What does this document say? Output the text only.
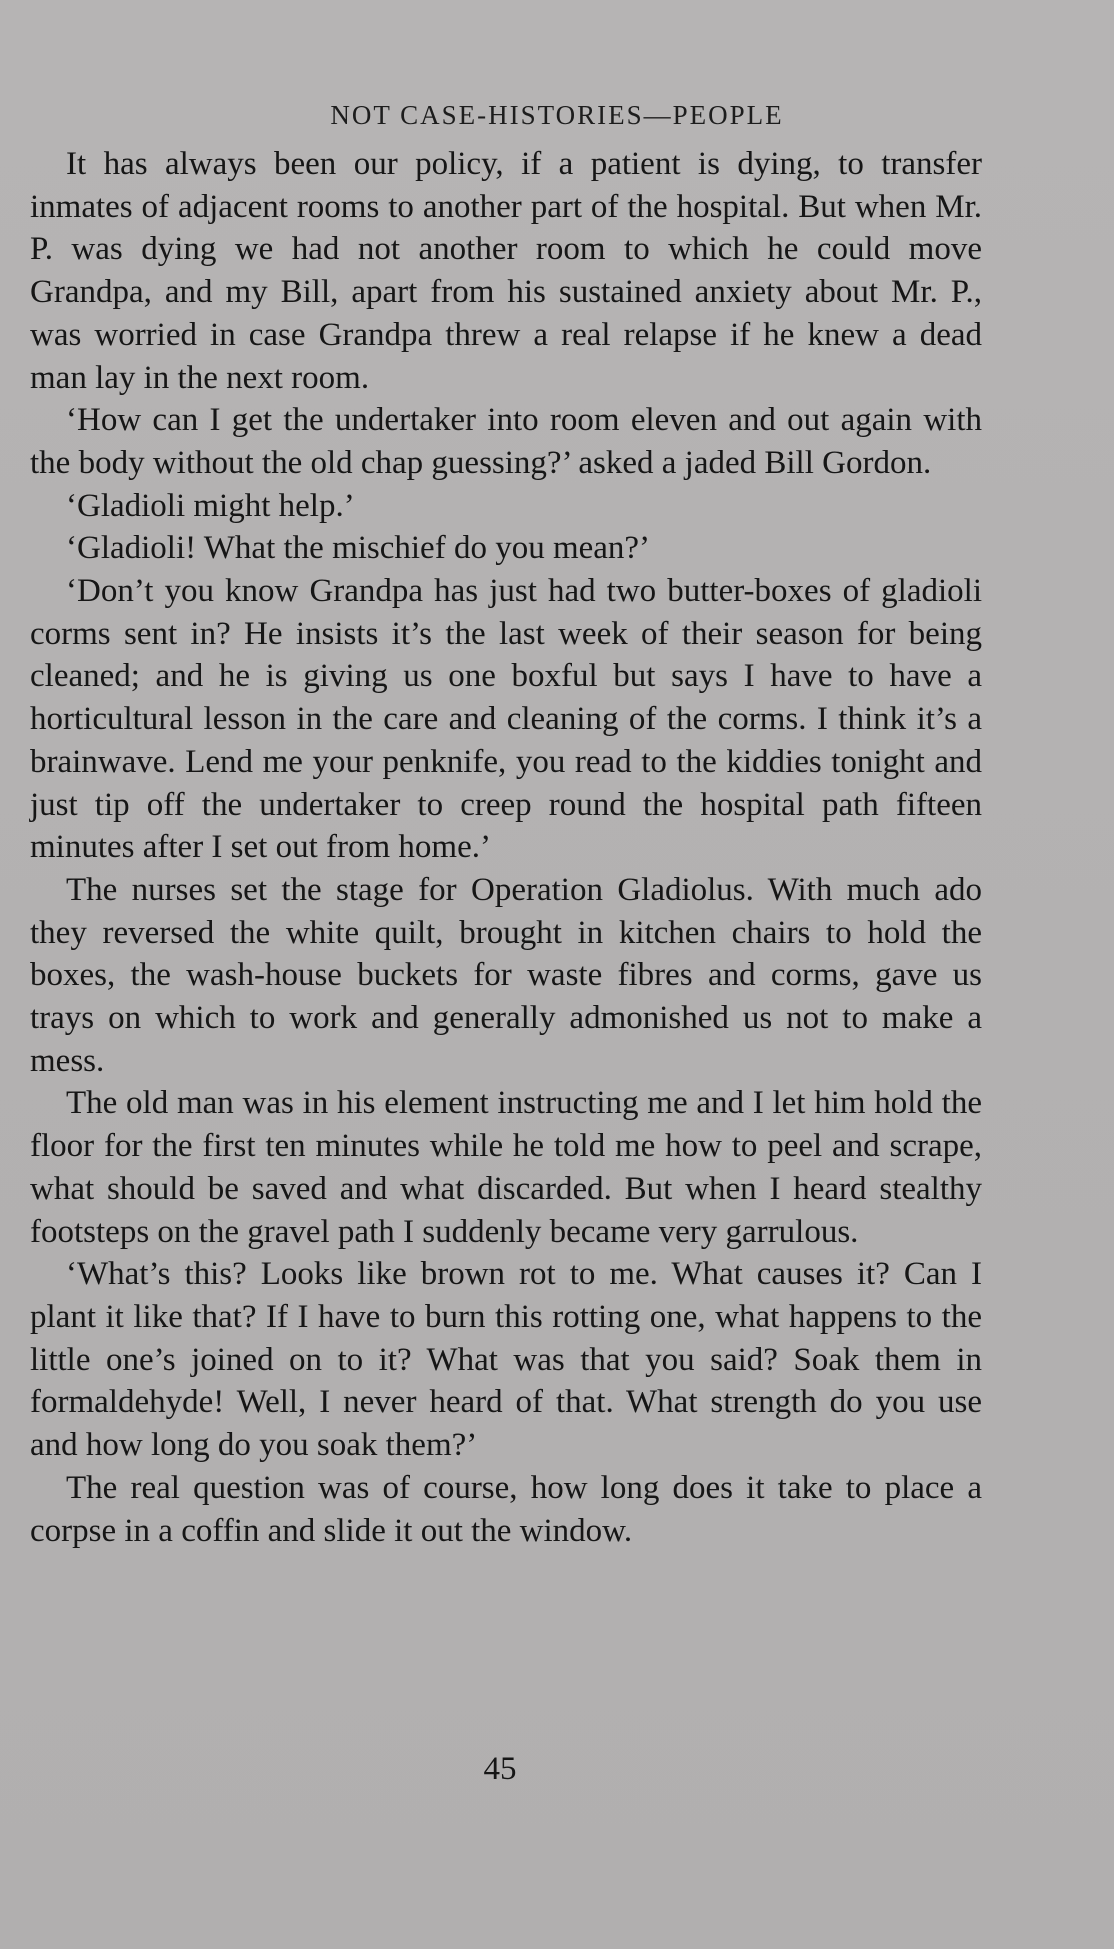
NOT CASE-HISTORIES—PEOPLE

It has always been our policy, if a patient is dying, to transfer inmates of adjacent rooms to another part of the hospital. But when Mr. P. was dying we had not another room to which he could move Grandpa, and my Bill, apart from his sustained anxiety about Mr. P., was worried in case Grandpa threw a real relapse if he knew a dead man lay in the next room.

‘How can I get the undertaker into room eleven and out again with the body without the old chap guessing?’ asked a jaded Bill Gordon.

‘Gladioli might help.’

‘Gladioli! What the mischief do you mean?’

‘Don’t you know Grandpa has just had two butter-boxes of gladioli corms sent in? He insists it’s the last week of their season for being cleaned; and he is giving us one boxful but says I have to have a horticultural lesson in the care and cleaning of the corms. I think it’s a brainwave. Lend me your penknife, you read to the kiddies tonight and just tip off the undertaker to creep round the hospital path fifteen minutes after I set out from home.’

The nurses set the stage for Operation Gladiolus. With much ado they reversed the white quilt, brought in kitchen chairs to hold the boxes, the wash-house buckets for waste fibres and corms, gave us trays on which to work and generally admonished us not to make a mess.

The old man was in his element instructing me and I let him hold the floor for the first ten minutes while he told me how to peel and scrape, what should be saved and what discarded. But when I heard stealthy footsteps on the gravel path I suddenly became very garrulous.

‘What’s this? Looks like brown rot to me. What causes it? Can I plant it like that? If I have to burn this rotting one, what happens to the little one’s joined on to it? What was that you said? Soak them in formaldehyde! Well, I never heard of that. What strength do you use and how long do you soak them?’

The real question was of course, how long does it take to place a corpse in a coffin and slide it out the window.

45
